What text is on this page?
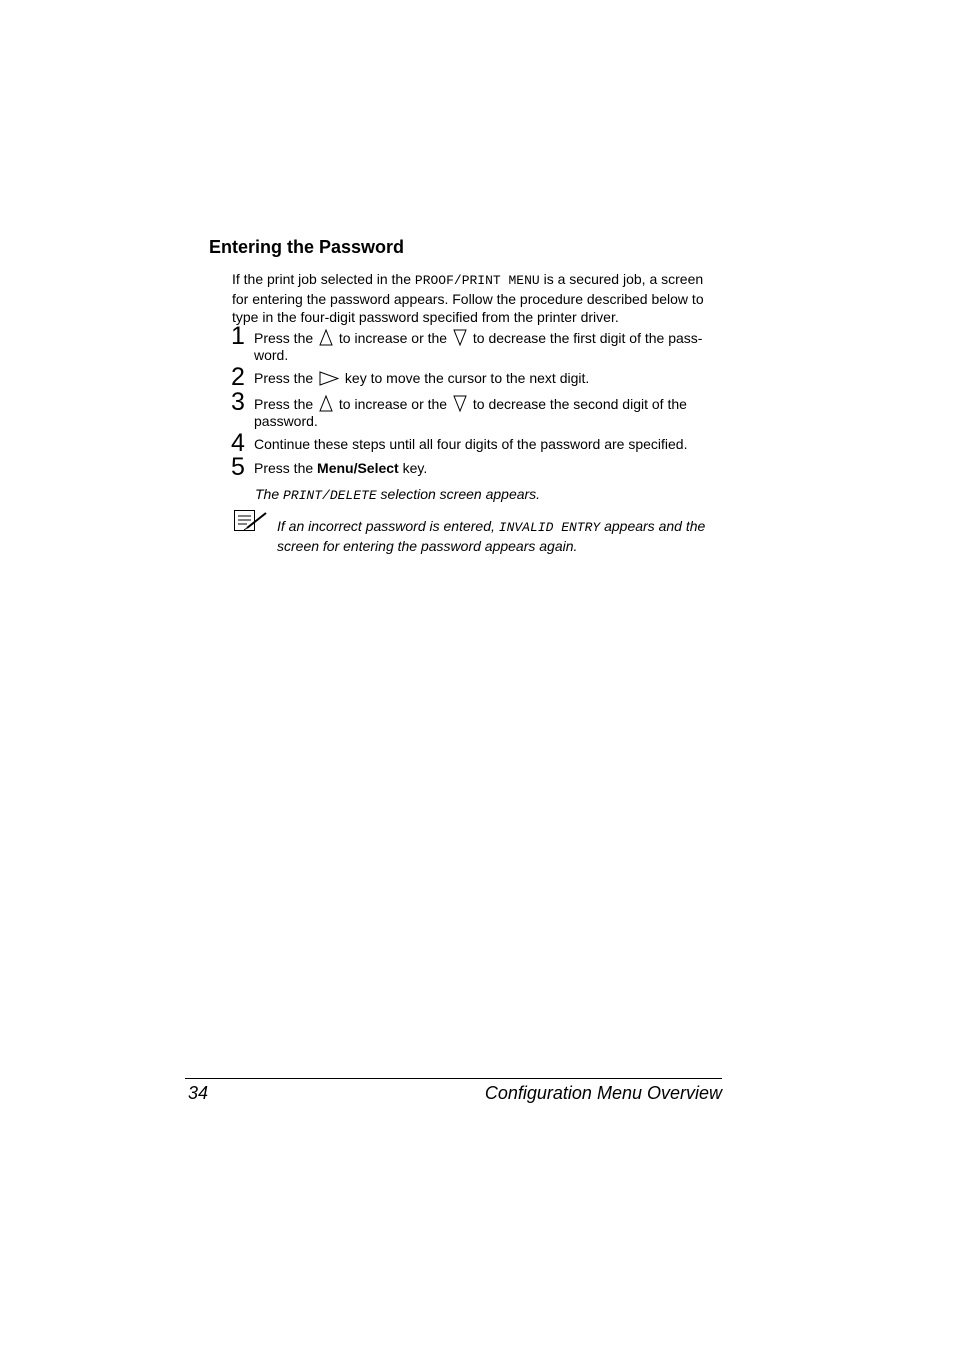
Entering the Password

If the print job selected in the PROOF/PRINT MENU is a secured job, a screen for entering the password appears. Follow the procedure described below to type in the four-digit password specified from the printer driver.

1 Press the to increase or the to decrease the first digit of the pass-word.

2 Press the key to move the cursor to the next digit.

3 Press the to increase or the to decrease the second digit of the password.

4 Continue these steps until all four digits of the password are specified.

5 Press the Menu/Select key.

The PRINT/DELETE selection screen appears.

If an incorrect password is entered, INVALID ENTRY appears and the screen for entering the password appears again.

34	Configuration Menu Overview
